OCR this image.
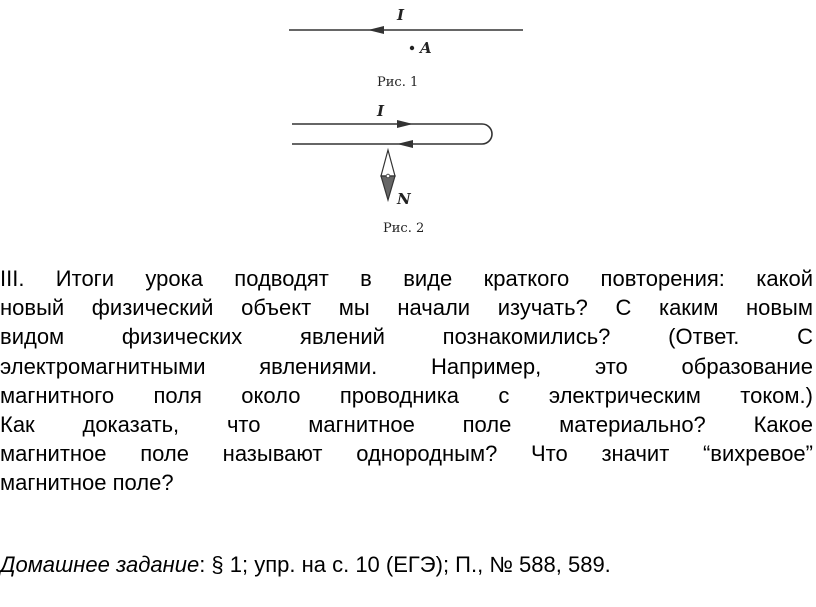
I
A
Рис. 1
I
N
Рис. 2
III. Итоги урока подводят в виде краткого повторения: какой
новый физический объект мы начали изучать? С каким новым
видом физических явлений познакомились? (Ответ. С
электромагнитными явлениями. Например, это образование
магнитного поля около проводника с электрическим током.)
Как доказать, что магнитное поле материально? Какое
магнитное поле называют однородным? Что значит “вихревое”
магнитное поле?

Домашнее задание: § 1; упр. на с. 10 (ЕГЭ); П., № 588, 589.
